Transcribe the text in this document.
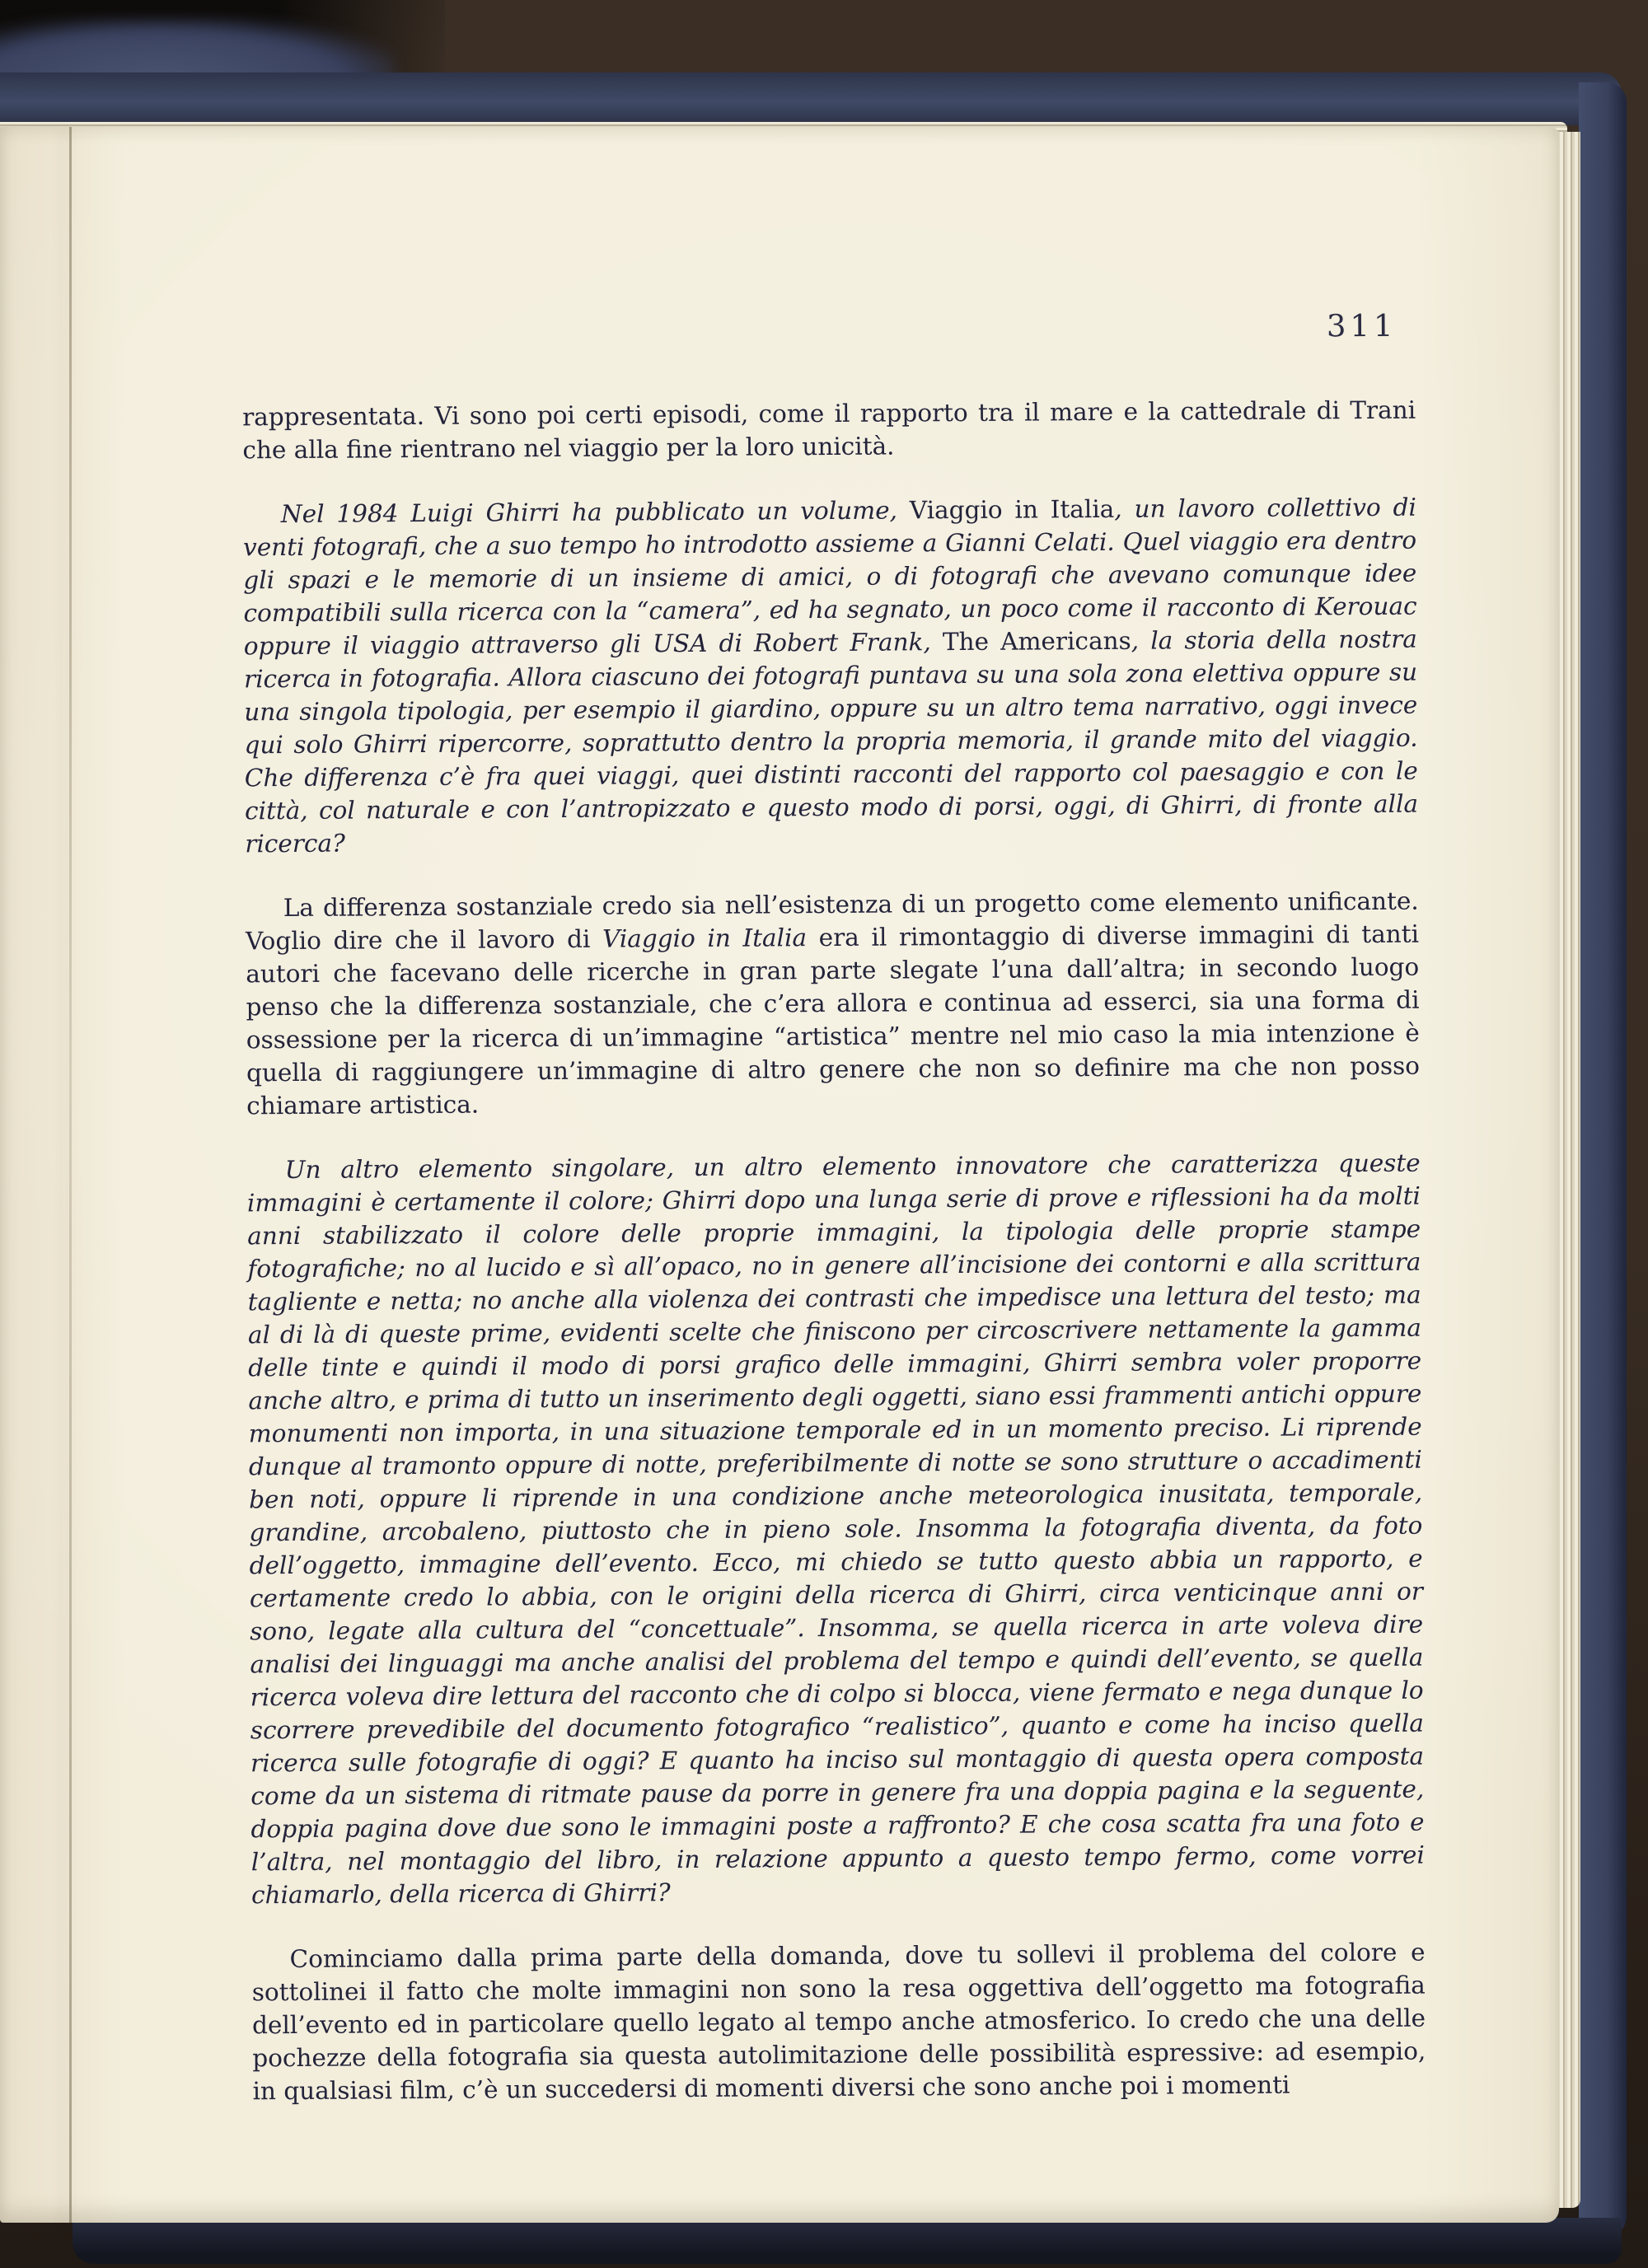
311

rappresentata. Vi sono poi certi episodi, come il rapporto tra il mare e la cattedrale di Trani che alla fine rientrano nel viaggio per la loro unicità.

Nel 1984 Luigi Ghirri ha pubblicato un volume, Viaggio in Italia, un lavoro collettivo di venti fotografi, che a suo tempo ho introdotto assieme a Gianni Celati. Quel viaggio era dentro gli spazi e le memorie di un insieme di amici, o di fotografi che avevano comunque idee compatibili sulla ricerca con la “camera”, ed ha segnato, un poco come il racconto di Kerouac oppure il viaggio attraverso gli USA di Robert Frank, The Americans, la storia della nostra ricerca in fotografia. Allora ciascuno dei fotografi puntava su una sola zona elettiva oppure su una singola tipologia, per esempio il giardino, oppure su un altro tema narrativo, oggi invece qui solo Ghirri ripercorre, soprattutto dentro la propria memoria, il grande mito del viaggio. Che differenza c’è fra quei viaggi, quei distinti racconti del rapporto col paesaggio e con le città, col naturale e con l’antropizzato e questo modo di porsi, oggi, di Ghirri, di fronte alla ricerca?

La differenza sostanziale credo sia nell’esistenza di un progetto come elemento unificante. Voglio dire che il lavoro di Viaggio in Italia era il rimontaggio di diverse immagini di tanti autori che facevano delle ricerche in gran parte slegate l’una dall’altra; in secondo luogo penso che la differenza sostanziale, che c’era allora e continua ad esserci, sia una forma di ossessione per la ricerca di un’immagine “artistica” mentre nel mio caso la mia intenzione è quella di raggiungere un’immagine di altro genere che non so definire ma che non posso chiamare artistica.

Un altro elemento singolare, un altro elemento innovatore che caratterizza queste immagini è certamente il colore; Ghirri dopo una lunga serie di prove e riflessioni ha da molti anni stabilizzato il colore delle proprie immagini, la tipologia delle proprie stampe fotografiche; no al lucido e sì all’opaco, no in genere all’incisione dei contorni e alla scrittura tagliente e netta; no anche alla violenza dei contrasti che impedisce una lettura del testo; ma al di là di queste prime, evidenti scelte che finiscono per circoscrivere nettamente la gamma delle tinte e quindi il modo di porsi grafico delle immagini, Ghirri sembra voler proporre anche altro, e prima di tutto un inserimento degli oggetti, siano essi frammenti antichi oppure monumenti non importa, in una situazione temporale ed in un momento preciso. Li riprende dunque al tramonto oppure di notte, preferibilmente di notte se sono strutture o accadimenti ben noti, oppure li riprende in una condizione anche meteorologica inusitata, temporale, grandine, arcobaleno, piuttosto che in pieno sole. Insomma la fotografia diventa, da foto dell’oggetto, immagine dell’evento. Ecco, mi chiedo se tutto questo abbia un rapporto, e certamente credo lo abbia, con le origini della ricerca di Ghirri, circa venticinque anni or sono, legate alla cultura del “concettuale”. Insomma, se quella ricerca in arte voleva dire analisi dei linguaggi ma anche analisi del problema del tempo e quindi dell’evento, se quella ricerca voleva dire lettura del racconto che di colpo si blocca, viene fermato e nega dunque lo scorrere prevedibile del documento fotografico “realistico”, quanto e come ha inciso quella ricerca sulle fotografie di oggi? E quanto ha inciso sul montaggio di questa opera composta come da un sistema di ritmate pause da porre in genere fra una doppia pagina e la seguente, doppia pagina dove due sono le immagini poste a raffronto? E che cosa scatta fra una foto e l’altra, nel montaggio del libro, in relazione appunto a questo tempo fermo, come vorrei chiamarlo, della ricerca di Ghirri?

Cominciamo dalla prima parte della domanda, dove tu sollevi il problema del colore e sottolinei il fatto che molte immagini non sono la resa oggettiva dell’oggetto ma fotografia dell’evento ed in particolare quello legato al tempo anche atmosferico. Io credo che una delle pochezze della fotografia sia questa autolimitazione delle possibilità espressive: ad esempio, in qualsiasi film, c’è un succedersi di momenti diversi che sono anche poi i momenti
